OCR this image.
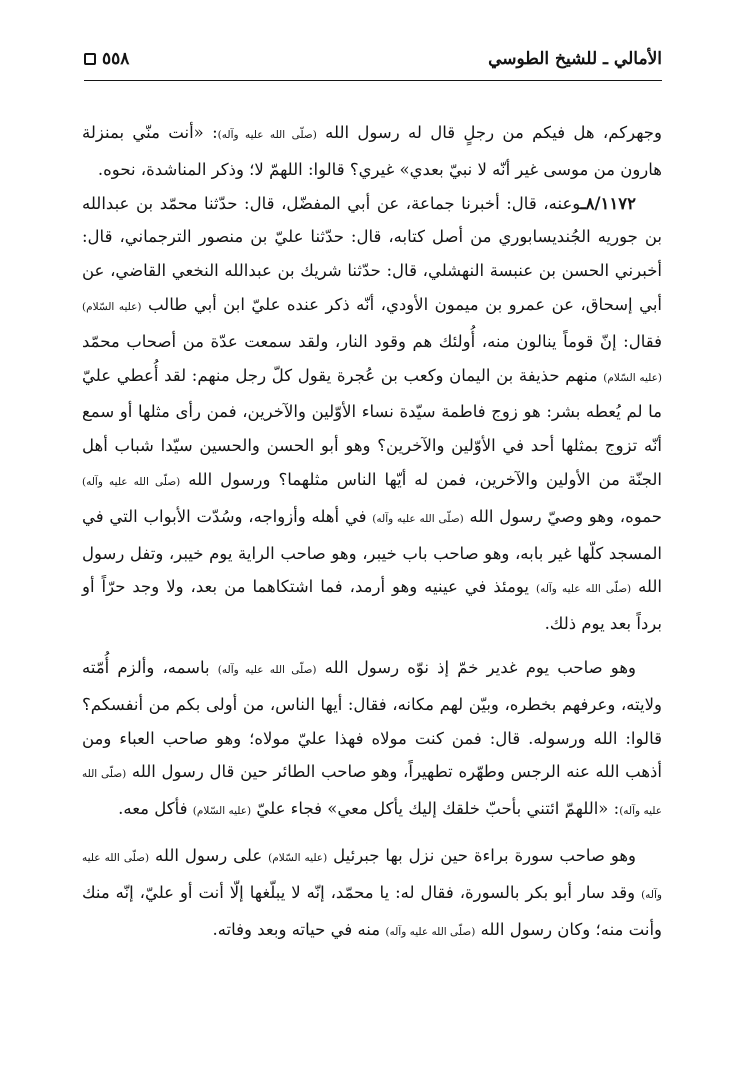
الأمالي ـ للشيخ الطوسي
٥٥٨

وجهركم، هل فيكم من رجلٍ قال له رسول الله (صلّى الله عليه وآله): «أنت منّي بمنزلة هارون من موسى غير أنّه لا نبيّ بعدي» غيري؟ قالوا: اللهمّ لا؛ وذكر المناشدة، نحوه.

٨/١١٧٢ـوعنه، قال: أخبرنا جماعة، عن أبي المفضّل، قال: حدّثنا محمّد بن عبدالله بن جوريه الجُنديسابوري من أصل كتابه، قال: حدّثنا عليّ بن منصور الترجماني، قال: أخبرني الحسن بن عنبسة النهشلي، قال: حدّثنا شريك بن عبدالله النخعي القاضي، عن أبي إسحاق، عن عمرو بن ميمون الأودي، أنّه ذكر عنده عليّ ابن أبي طالب (عليه السّلام) فقال: إنّ قوماً ينالون منه، أُولئك هم وقود النار، ولقد سمعت عدّة من أصحاب محمّد (عليه السّلام) منهم حذيفة بن اليمان وكعب بن عُجرة يقول كلّ رجل منهم: لقد أُعطي عليّ ما لم يُعطه بشر: هو زوج فاطمة سيّدة نساء الأوّلين والآخرين، فمن رأى مثلها أو سمع أنّه تزوج بمثلها أحد في الأوّلين والآخرين؟ وهو أبو الحسن والحسين سيّدا شباب أهل الجنّة من الأولين والآخرين، فمن له أيّها الناس مثلهما؟ ورسول الله (صلّى الله عليه وآله) حموه، وهو وصيّ رسول الله (صلّى الله عليه وآله) في أهله وأزواجه، وسُدّت الأبواب التي في المسجد كلّها غير بابه، وهو صاحب باب خيبر، وهو صاحب الراية يوم خيبر، وتفل رسول الله (صلّى الله عليه وآله) يومئذ في عينيه وهو أرمد، فما اشتكاهما من بعد، ولا وجد حرّاً أو برداً بعد يوم ذلك.

وهو صاحب يوم غدير خمّ إذ نوّه رسول الله (صلّى الله عليه وآله) باسمه، وألزم أُمّته ولايته، وعرفهم بخطره، وبيّن لهم مكانه، فقال: أيها الناس، من أولى بكم من أنفسكم؟ قالوا: الله ورسوله. قال: فمن كنت مولاه فهذا عليّ مولاه؛ وهو صاحب العباء ومن أذهب الله عنه الرجس وطهّره تطهيراً، وهو صاحب الطائر حين قال رسول الله (صلّى الله عليه وآله): «اللهمّ ائتني بأحبّ خلقك إليك يأكل معي» فجاء عليّ (عليه السّلام) فأكل معه.

وهو صاحب سورة براءة حين نزل بها جبرئيل (عليه السّلام) على رسول الله (صلّى الله عليه وآله) وقد سار أبو بكر بالسورة، فقال له: يا محمّد، إنّه لا يبلّغها إلّا أنت أو عليّ، إنّه منك وأنت منه؛ وكان رسول الله (صلّى الله عليه وآله) منه في حياته وبعد وفاته.
